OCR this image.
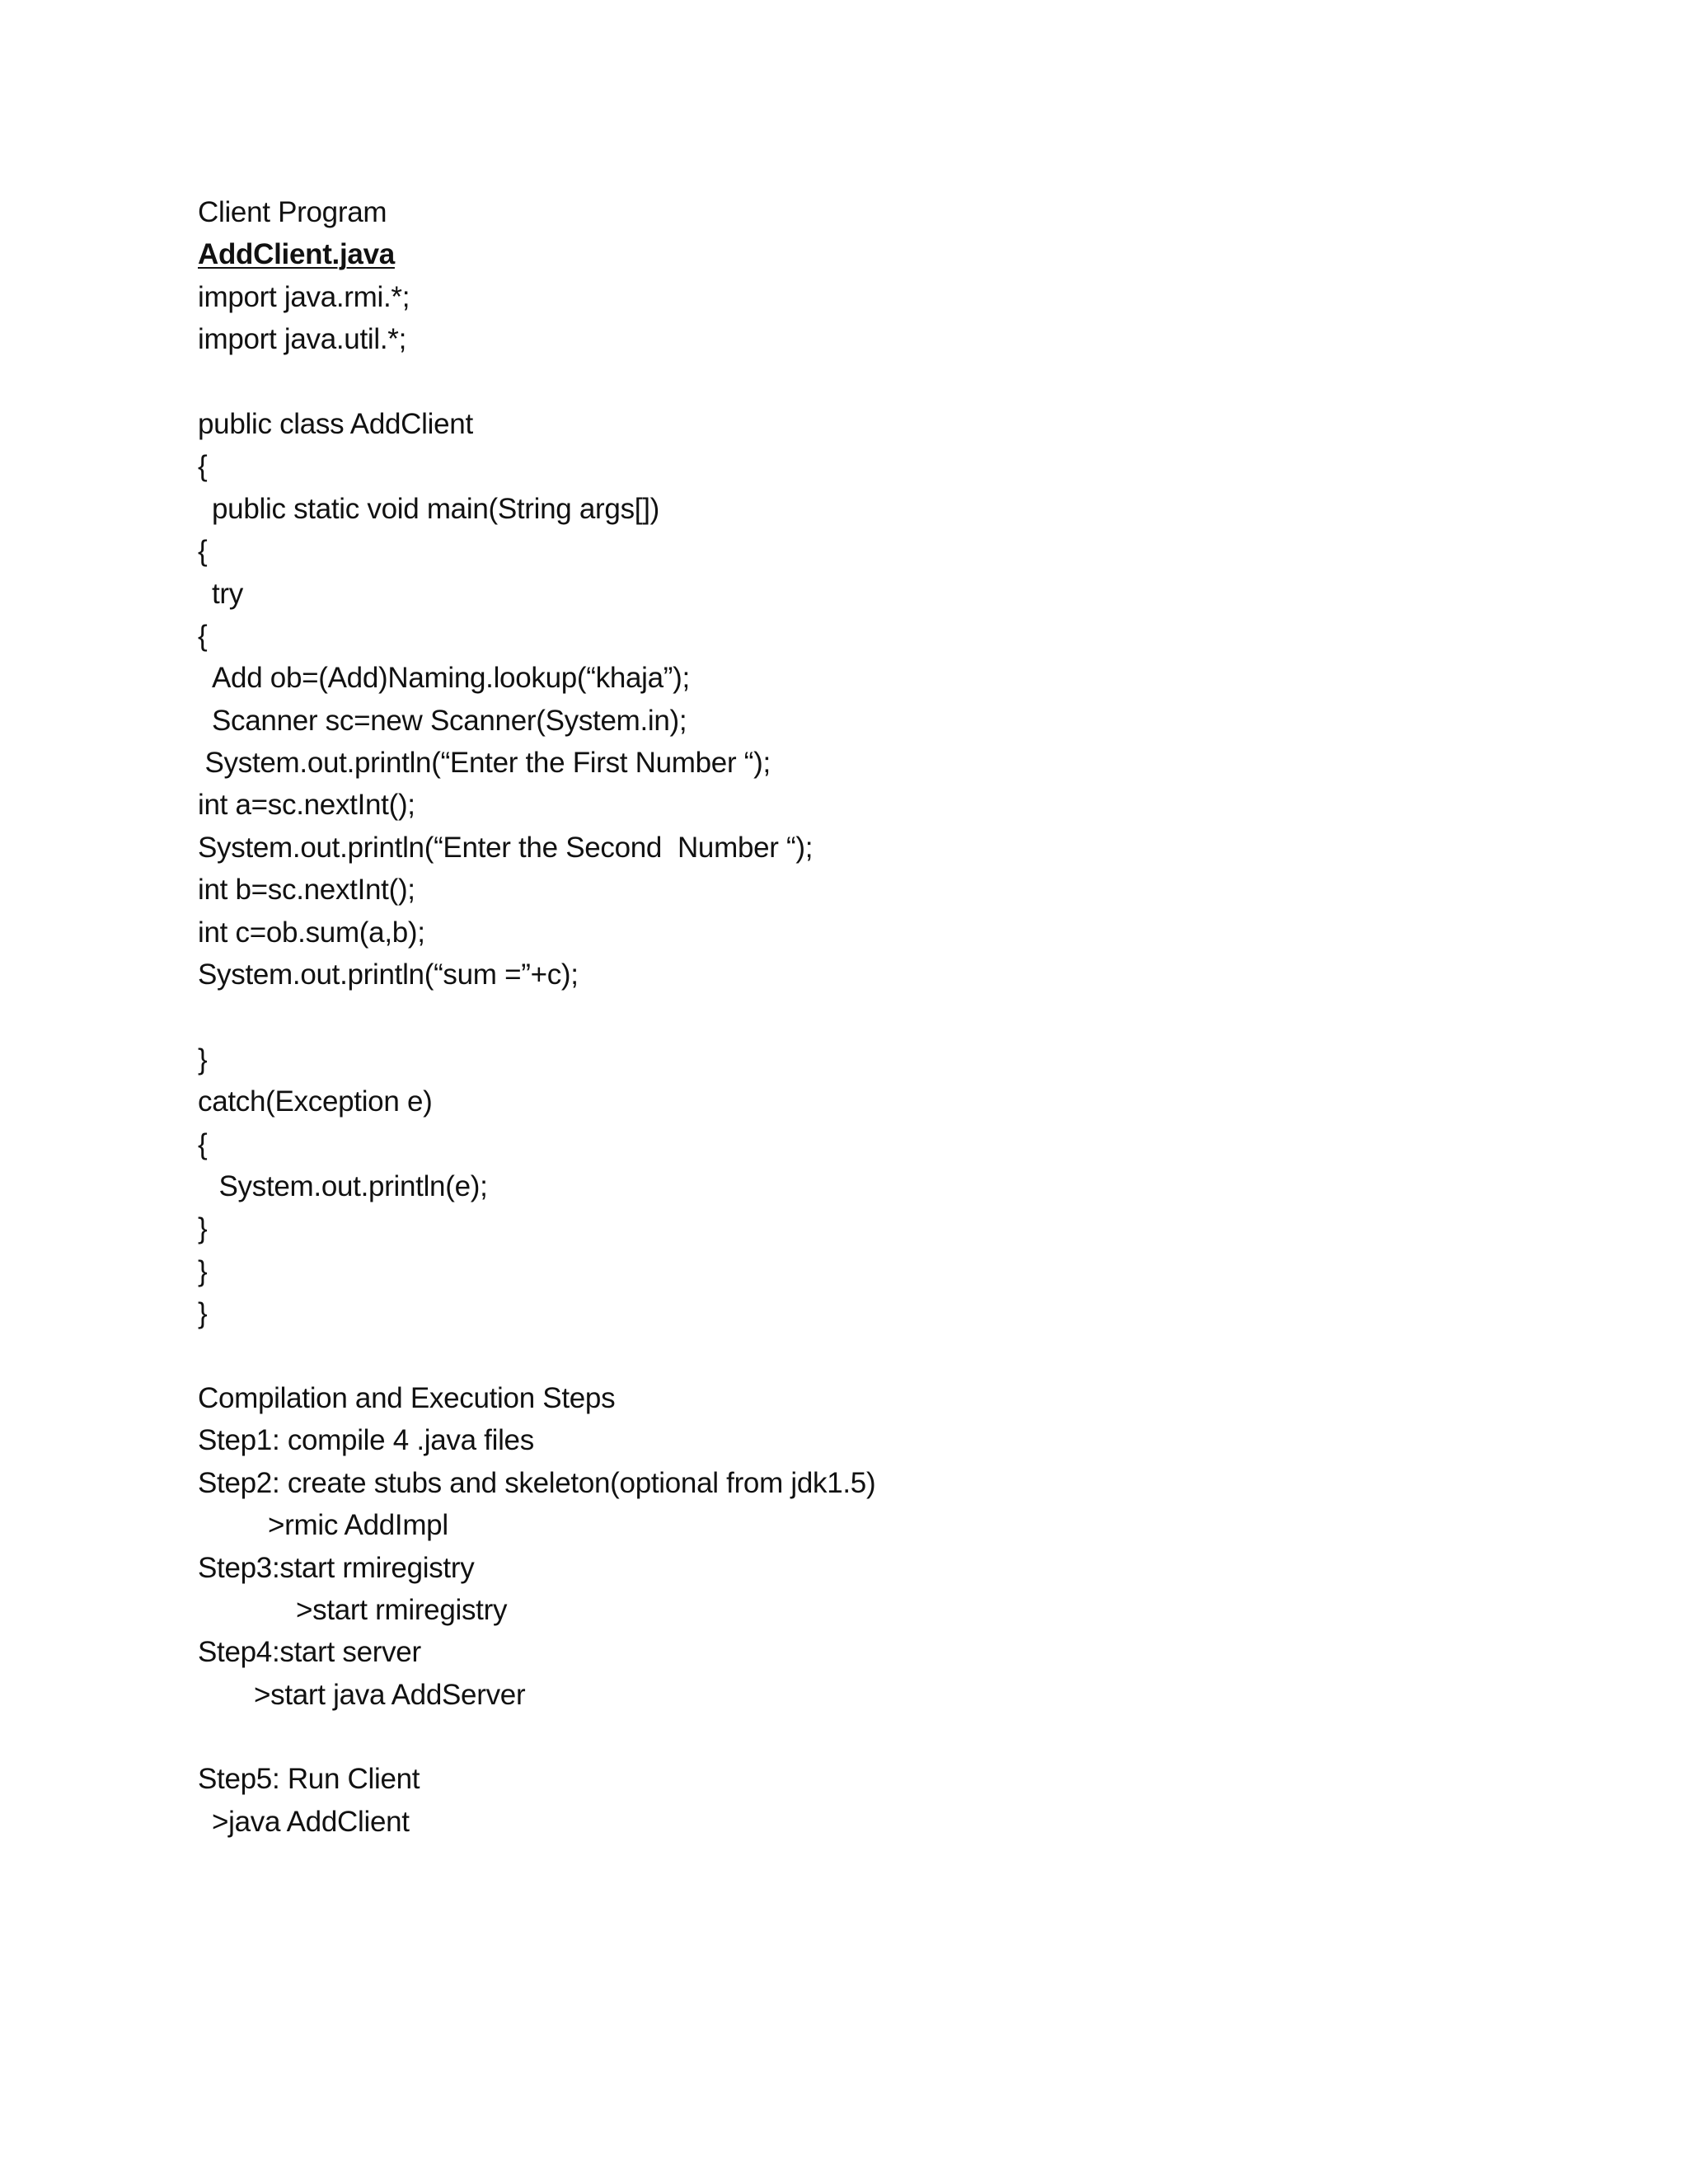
Client Program
AddClient.java
import java.rmi.*;
import java.util.*;
public class AddClient
{
public static void main(String args[])
{
try
{
Add ob=(Add)Naming.lookup(“khaja”);
Scanner sc=new Scanner(System.in);
System.out.println(“Enter the First Number “);
int a=sc.nextInt();
System.out.println(“Enter the Second  Number “);
int b=sc.nextInt();
int c=ob.sum(a,b);
System.out.println(“sum =”+c);
}
catch(Exception e)
{
System.out.println(e);
}
}
}
Compilation and Execution Steps
Step1: compile 4 .java files
Step2: create stubs and skeleton(optional from jdk1.5)
>rmic AddImpl
Step3:start rmiregistry
>start rmiregistry
Step4:start server
>start java AddServer
Step5: Run Client
>java AddClient
